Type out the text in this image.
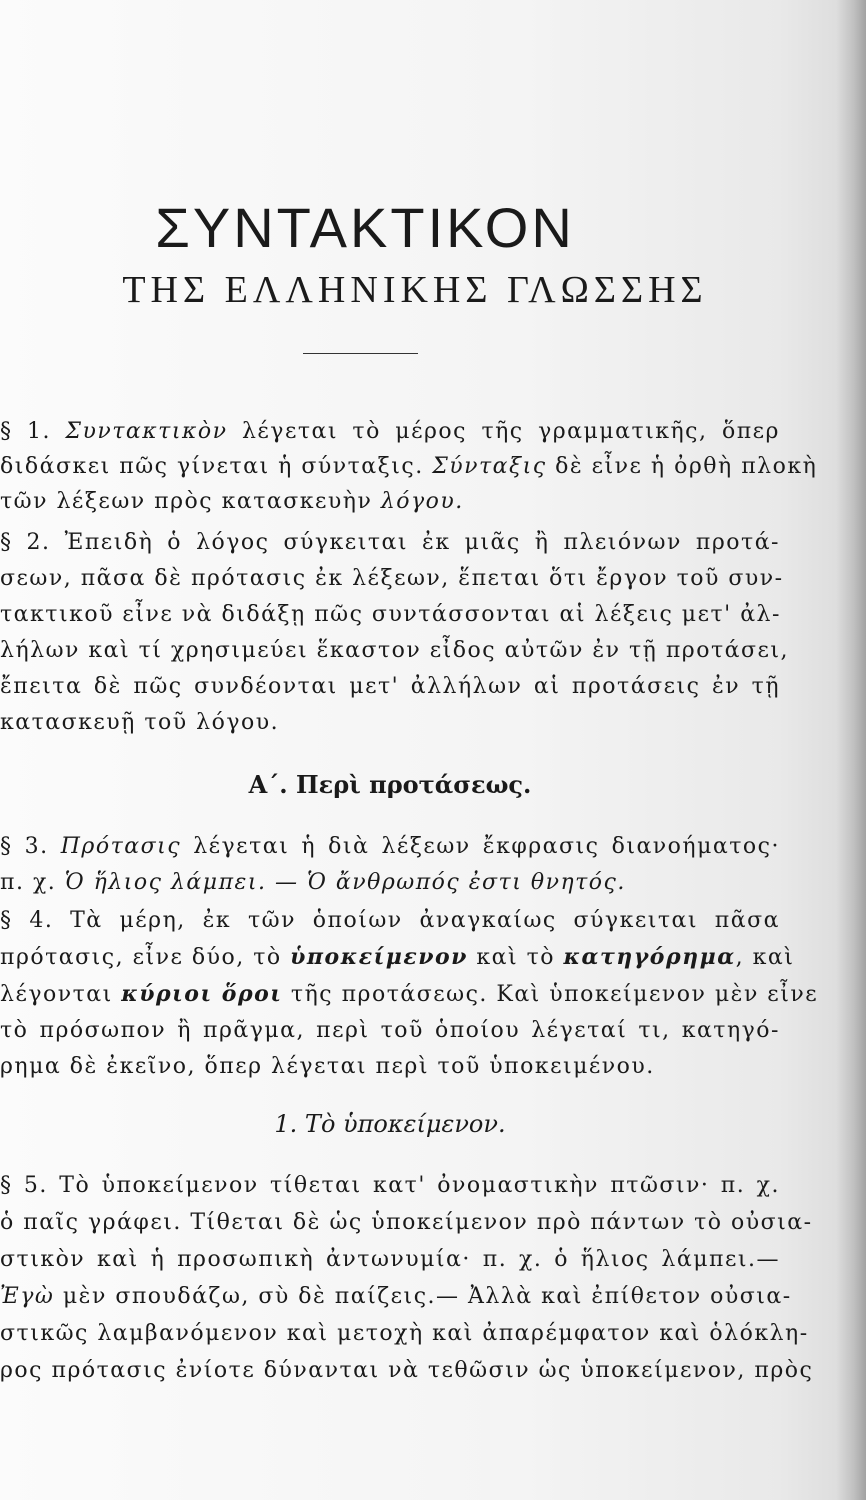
ΣΥΝΤΑΚΤΙΚΟΝ
ΤΗΣ ΕΛΛΗΝΙΚΗΣ ΓΛΩΣΣΗΣ
§ 1. Συντακτικὸν λέγεται τὸ μέρος τῆς γραμματικῆς, ὅπερ
διδάσκει πῶς γίνεται ἡ σύνταξις. Σύνταξις δὲ εἶνε ἡ ὀρθὴ πλοκὴ
τῶν λέξεων πρὸς κατασκευὴν λόγου.
§ 2. Ἐπειδὴ ὁ λόγος σύγκειται ἐκ μιᾶς ἢ πλειόνων προτά-
σεων, πᾶσα δὲ πρότασις ἐκ λέξεων, ἕπεται ὅτι ἔργον τοῦ συν-
τακτικοῦ εἶνε νὰ διδάξῃ πῶς συντάσσονται αἱ λέξεις μετ' ἀλ-
λήλων καὶ τί χρησιμεύει ἕκαστον εἶδος αὐτῶν ἐν τῇ προτάσει,
ἔπειτα δὲ πῶς συνδέονται μετ' ἀλλήλων αἱ προτάσεις ἐν τῇ
κατασκευῇ τοῦ λόγου.
Α΄. Περὶ προτάσεως.
§ 3. Πρότασις λέγεται ἡ διὰ λέξεων ἔκφρασις διανοήματος·
π. χ. Ὁ ἥλιος λάμπει. — Ὁ ἄνθρωπός ἐστι θνητός.
§ 4. Τὰ μέρη, ἐκ τῶν ὁποίων ἀναγκαίως σύγκειται πᾶσα
πρότασις, εἶνε δύο, τὸ ὑποκείμενον καὶ τὸ κατηγόρημα, καὶ
λέγονται κύριοι ὅροι τῆς προτάσεως. Καὶ ὑποκείμενον μὲν εἶνε
τὸ πρόσωπον ἢ πρᾶγμα, περὶ τοῦ ὁποίου λέγεταί τι, κατηγό-
ρημα δὲ ἐκεῖνο, ὅπερ λέγεται περὶ τοῦ ὑποκειμένου.
1. Τὸ ὑποκείμενον.
§ 5. Τὸ ὑποκείμενον τίθεται κατ' ὀνομαστικὴν πτῶσιν· π. χ.
ὁ παῖς γράφει. Τίθεται δὲ ὡς ὑποκείμενον πρὸ πάντων τὸ οὐσια-
στικὸν καὶ ἡ προσωπικὴ ἀντωνυμία· π. χ. ὁ ἥλιος λάμπει.—
Ἐγὼ μὲν σπουδάζω, σὺ δὲ παίζεις.— Ἀλλὰ καὶ ἐπίθετον οὐσια-
στικῶς λαμβανόμενον καὶ μετοχὴ καὶ ἀπαρέμφατον καὶ ὁλόκλη-
ρος πρότασις ἐνίοτε δύνανται νὰ τεθῶσιν ὡς ὑποκείμενον, πρὸς
